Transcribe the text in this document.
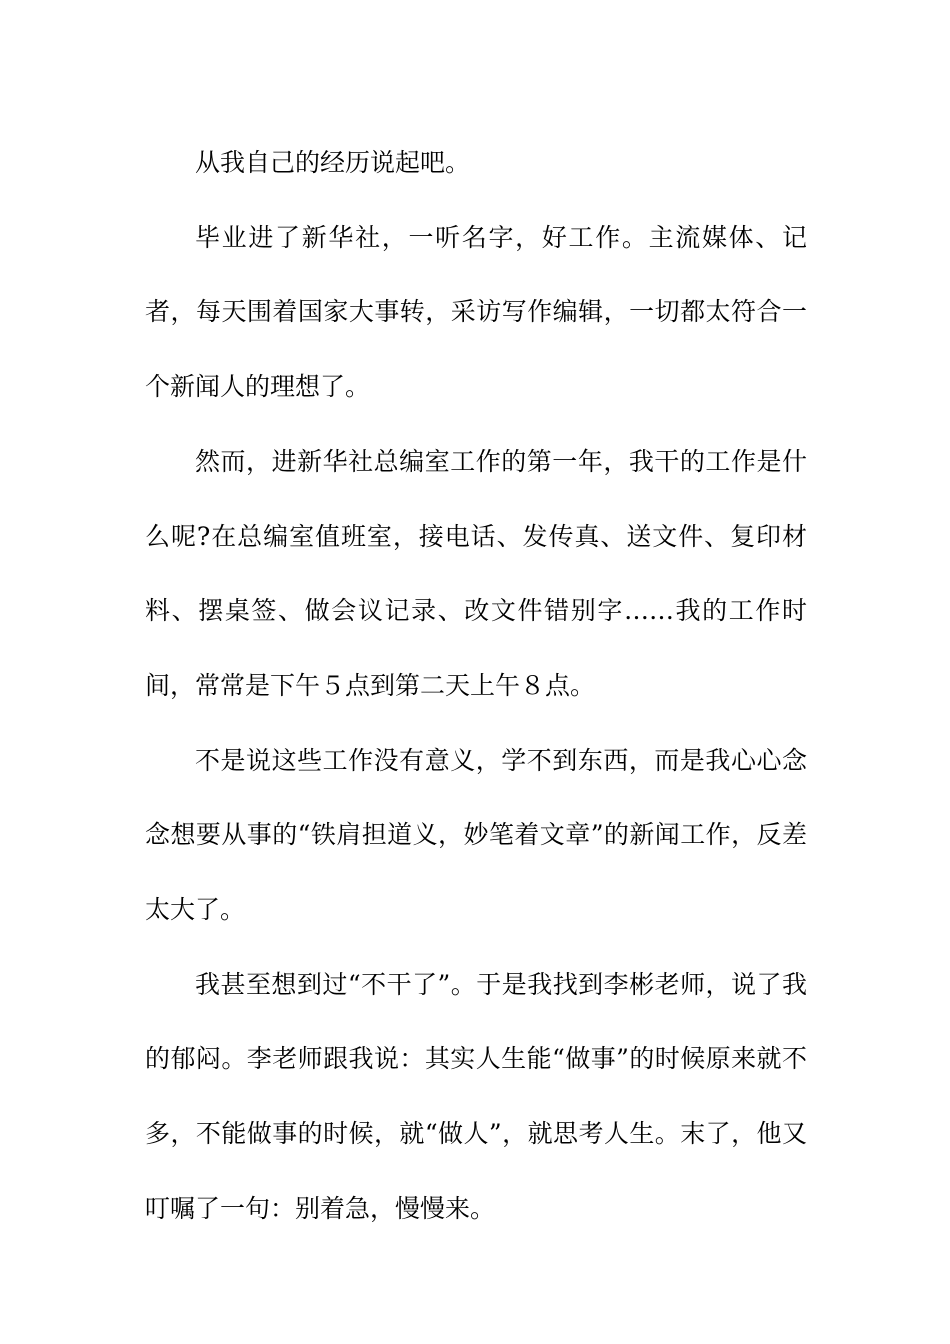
从我自己的经历说起吧。

毕业进了新华社，一听名字，好工作。主流媒体、记者，每天围着国家大事转，采访写作编辑，一切都太符合一个新闻人的理想了。

然而，进新华社总编室工作的第一年，我干的工作是什么呢?在总编室值班室，接电话、发传真、送文件、复印材料、摆桌签、做会议记录、改文件错别字……我的工作时间，常常是下午５点到第二天上午８点。

不是说这些工作没有意义，学不到东西，而是我心心念念想要从事的“铁肩担道义，妙笔着文章”的新闻工作，反差太大了。

我甚至想到过“不干了”。于是我找到李彬老师，说了我的郁闷。李老师跟我说：其实人生能“做事”的时候原来就不多，不能做事的时候，就“做人”，就思考人生。末了，他又叮嘱了一句：别着急，慢慢来。
